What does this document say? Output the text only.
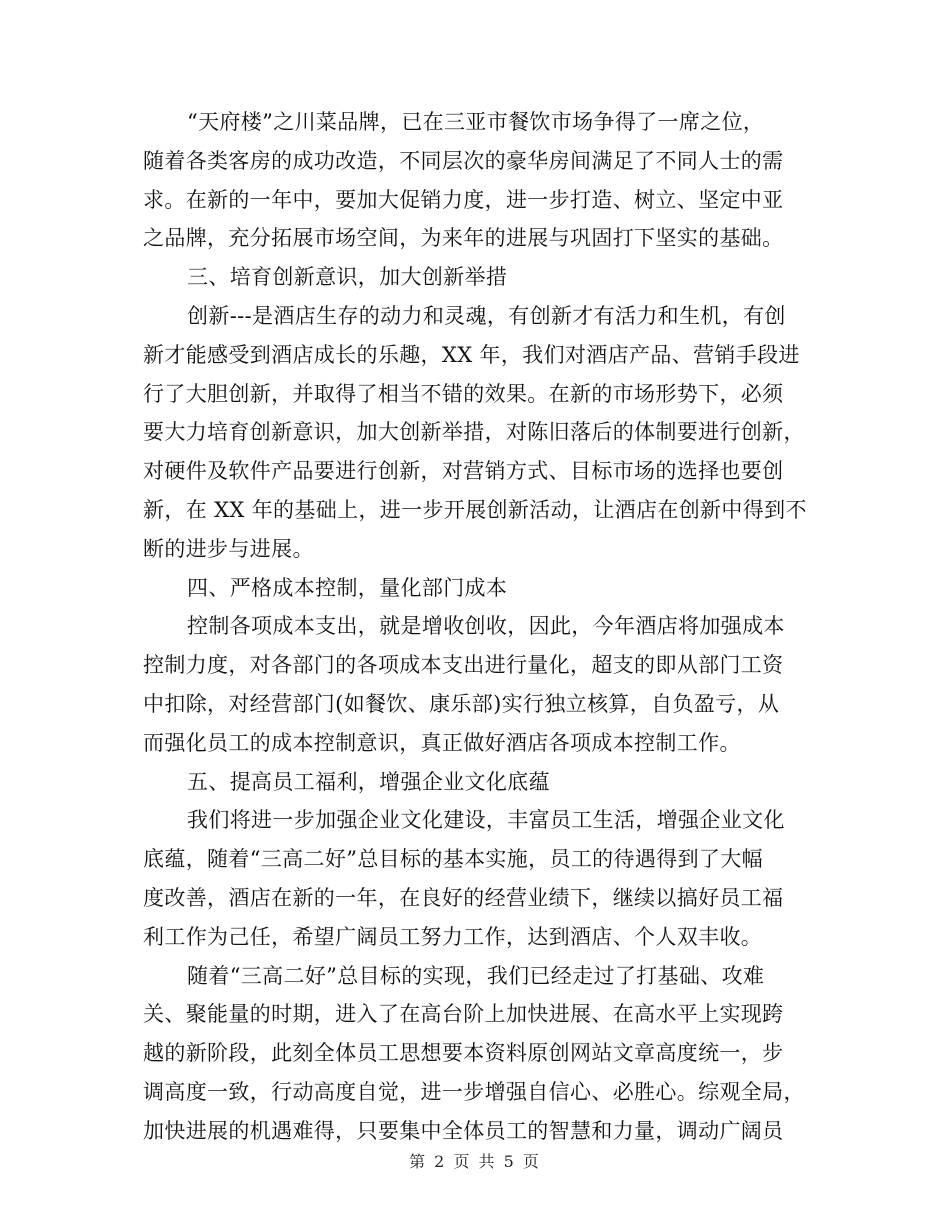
“天府楼”之川菜品牌，已在三亚市餐饮市场争得了一席之位，
随着各类客房的成功改造，不同层次的豪华房间满足了不同人士的需
求。在新的一年中，要加大促销力度，进一步打造、树立、坚定中亚
之品牌，充分拓展市场空间，为来年的进展与巩固打下坚实的基础。
三、培育创新意识，加大创新举措
创新---是酒店生存的动力和灵魂，有创新才有活力和生机，有创
新才能感受到酒店成长的乐趣，XX 年，我们对酒店产品、营销手段进
行了大胆创新，并取得了相当不错的效果。在新的市场形势下，必须
要大力培育创新意识，加大创新举措，对陈旧落后的体制要进行创新，
对硬件及软件产品要进行创新，对营销方式、目标市场的选择也要创
新，在 XX 年的基础上，进一步开展创新活动，让酒店在创新中得到不
断的进步与进展。
四、严格成本控制，量化部门成本
控制各项成本支出，就是增收创收，因此，今年酒店将加强成本
控制力度，对各部门的各项成本支出进行量化，超支的即从部门工资
中扣除，对经营部门(如餐饮、康乐部)实行独立核算，自负盈亏，从
而强化员工的成本控制意识，真正做好酒店各项成本控制工作。
五、提高员工福利，增强企业文化底蕴
我们将进一步加强企业文化建设，丰富员工生活，增强企业文化
底蕴，随着“三高二好”总目标的基本实施，员工的待遇得到了大幅
度改善，酒店在新的一年，在良好的经营业绩下，继续以搞好员工福
利工作为己任，希望广阔员工努力工作，达到酒店、个人双丰收。
随着“三高二好”总目标的实现，我们已经走过了打基础、攻难
关、聚能量的时期，进入了在高台阶上加快进展、在高水平上实现跨
越的新阶段，此刻全体员工思想要本资料原创网站文章高度统一，步
调高度一致，行动高度自觉，进一步增强自信心、必胜心。综观全局，
加快进展的机遇难得，只要集中全体员工的智慧和力量，调动广阔员
第 2 页 共 5 页
